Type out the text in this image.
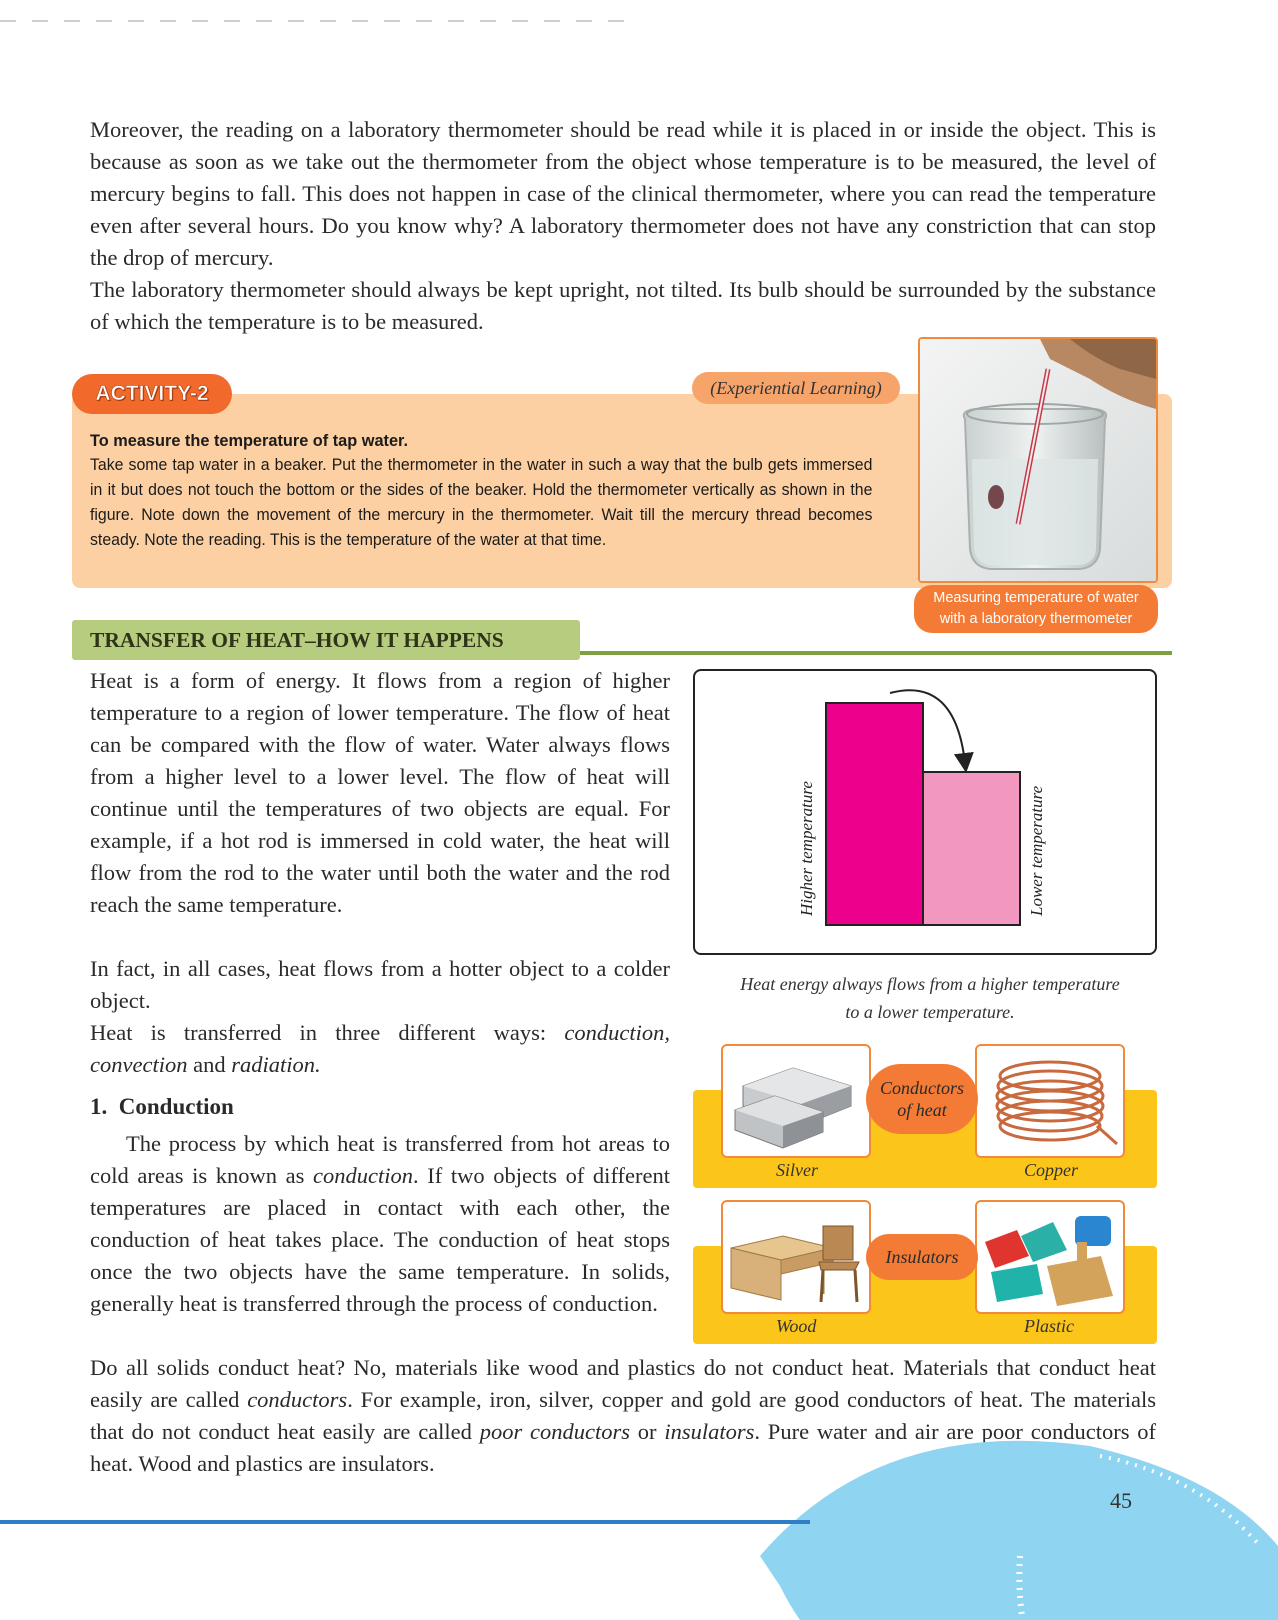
Moreover, the reading on a laboratory thermometer should be read while it is placed in or inside the object. This is because as soon as we take out the thermometer from the object whose temperature is to be measured, the level of mercury begins to fall. This does not happen in case of the clinical thermometer, where you can read the temperature even after several hours. Do you know why? A laboratory thermometer does not have any constriction that can stop the drop of mercury.

The laboratory thermometer should always be kept upright, not tilted. Its bulb should be surrounded by the substance of which the temperature is to be measured.

ACTIVITY-2	(Experiential Learning)
To measure the temperature of tap water.
Take some tap water in a beaker. Put the thermometer in the water in such a way that the bulb gets immersed in it but does not touch the bottom or the sides of the beaker. Hold the thermometer vertically as shown in the figure. Note down the movement of the mercury in the thermometer. Wait till the mercury thread becomes steady. Note the reading. This is the temperature of the water at that time.
Measuring temperature of water
with a laboratory thermometer
TRANSFER OF HEAT–HOW IT HAPPENS

Heat is a form of energy. It flows from a region of higher temperature to a region of lower temperature. The flow of heat can be compared with the flow of water. Water always flows from a higher level to a lower level. The flow of heat will continue until the temperatures of two objects are equal. For example, if a hot rod is immersed in cold water, the heat will flow from the rod to the water until both the water and the rod reach the same temperature.

In fact, in all cases, heat flows from a hotter object to a colder object.

Heat is transferred in three different ways: conduction, convection and radiation.

1. Conduction

The process by which heat is transferred from hot areas to cold areas is known as conduction. If two objects of different temperatures are placed in contact with each other, the conduction of heat takes place. The conduction of heat stops once the two objects have the same temperature. In solids, generally heat is transferred through the process of conduction.

Do all solids conduct heat? No, materials like wood and plastics do not conduct heat. Materials that conduct heat easily are called conductors. For example, iron, silver, copper and gold are good conductors of heat. The materials that do not conduct heat easily are called poor conductors or insulators. Pure water and air are poor conductors of heat. Wood and plastics are insulators.

Higher temperature	Lower temperature
Heat energy always flows from a higher temperature
to a lower temperature.
Conductors
of heat
Silver	Copper
Insulators
Wood	Plastic
45
